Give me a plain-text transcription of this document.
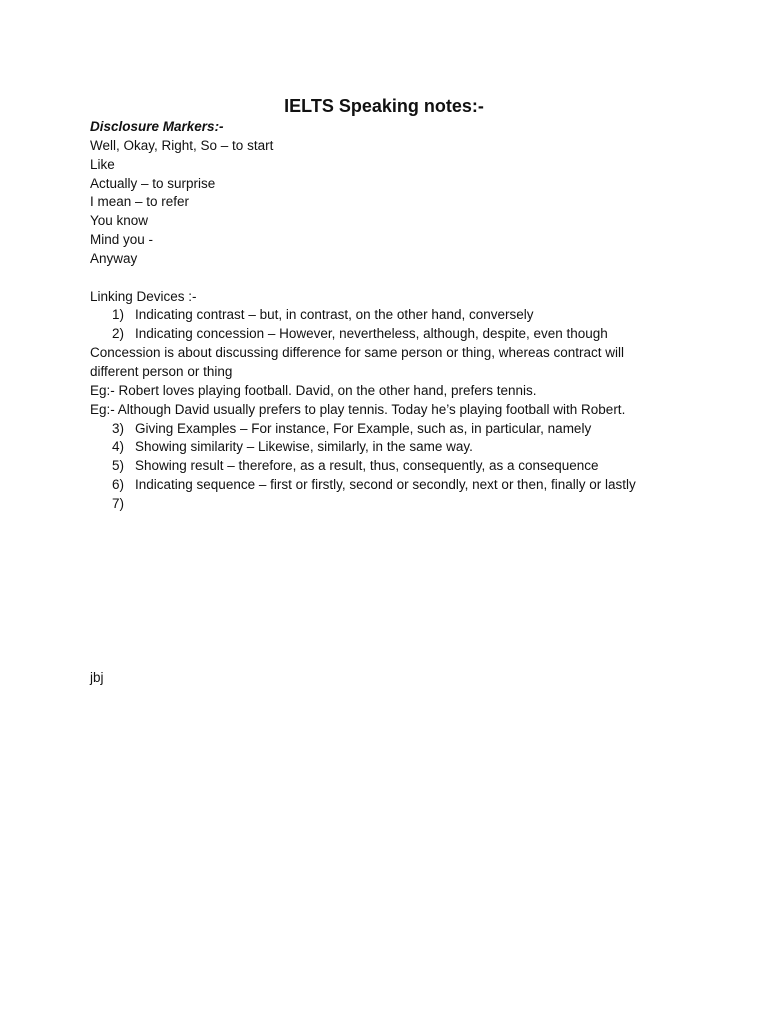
IELTS Speaking notes:-
Disclosure Markers:-
Well, Okay, Right, So – to start
Like
Actually – to surprise
I mean – to refer
You know
Mind you -
Anyway
Linking Devices :-
1) Indicating contrast – but, in contrast, on the other hand, conversely
2) Indicating concession – However, nevertheless, although, despite, even though
Concession is about discussing difference for same person or thing, whereas contract will
different person or thing
Eg:- Robert loves playing football. David, on the other hand, prefers tennis.
Eg:- Although David usually prefers to play tennis. Today he’s playing football with Robert.
3) Giving Examples – For instance, For Example, such as, in particular, namely
4) Showing similarity – Likewise, similarly, in the same way.
5) Showing result – therefore, as a result, thus, consequently, as a consequence
6) Indicating sequence – first or firstly, second or secondly, next or then, finally or lastly
7)
jbj
